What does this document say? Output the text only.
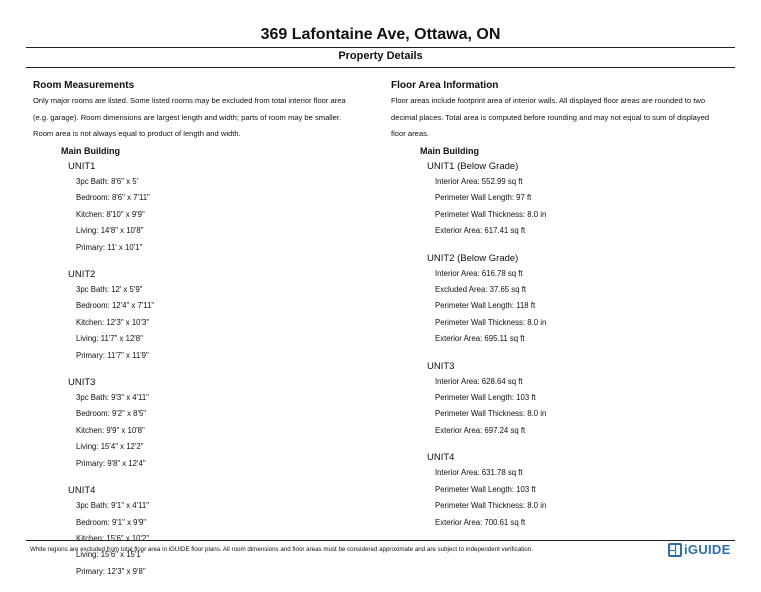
369 Lafontaine Ave, Ottawa, ON
Property Details
Room Measurements
Only major rooms are listed. Some listed rooms may be excluded from total interior floor area
(e.g. garage). Room dimensions are largest length and width; parts of room may be smaller.
Room area is not always equal to product of length and width.
Floor Area Information
Floor areas include footprint area of interior walls. All displayed floor areas are rounded to two
decimal places. Total area is computed before rounding and may not equal to sum of displayed
floor areas.
Main Building	Main Building
UNIT1
3pc Bath: 8'6" x 5'
Bedroom: 8'6" x 7'11"
Kitchen: 8'10" x 9'9"
Living: 14'8" x 10'8"
Primary: 11' x 10'1"
UNIT2
3pc Bath: 12' x 5'9"
Bedroom: 12'4" x 7'11"
Kitchen: 12'3" x 10'3"
Living: 11'7" x 12'8"
Primary: 11'7" x 11'9"
UNIT3
3pc Bath: 9'3" x 4'11"
Bedroom: 9'2" x 8'5"
Kitchen: 9'9" x 10'8"
Living: 15'4" x 12'2"
Primary: 9'8" x 12'4"
UNIT4
3pc Bath: 9'1" x 4'11"
Bedroom: 9'1" x 9'9"
Kitchen: 15'6" x 10'2"
Living: 15'6" x 15'1"
Primary: 12'3" x 9'8"
UNIT1 (Below Grade)
Interior Area: 552.99 sq ft
Perimeter Wall Length: 97 ft
Perimeter Wall Thickness: 8.0 in
Exterior Area: 617.41 sq ft
UNIT2 (Below Grade)
Interior Area: 616.78 sq ft
Excluded Area: 37.65 sq ft
Perimeter Wall Length: 118 ft
Perimeter Wall Thickness: 8.0 in
Exterior Area: 695.11 sq ft
UNIT3
Interior Area: 628.64 sq ft
Perimeter Wall Length: 103 ft
Perimeter Wall Thickness: 8.0 in
Exterior Area: 697.24 sq ft
UNIT4
Interior Area: 631.78 sq ft
Perimeter Wall Length: 103 ft
Perimeter Wall Thickness: 8.0 in
Exterior Area: 700.61 sq ft
White regions are excluded from total floor area in iGUIDE floor plans. All room dimensions and floor areas must be considered approximate and are subject to independent verification.	iGUIDE
